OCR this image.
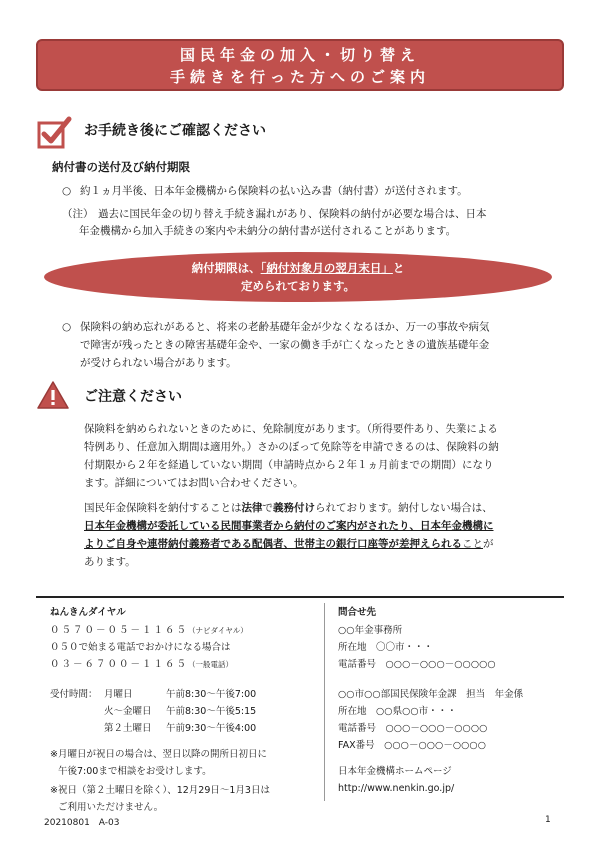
国民年金の加入・切り替え
手続きを行った方へのご案内
お手続き後にご確認ください
納付書の送付及び納付期限
○ 約１ヵ月半後、日本年金機構から保険料の払い込み書（納付書）が送付されます。
（注） 過去に国民年金の切り替え手続き漏れがあり、保険料の納付が必要な場合は、日本
年金機構から加入手続きの案内や未納分の納付書が送付されることがあります。
納付期限は、「納付対象月の翌月末日」と
定められております。
○ 保険料の納め忘れがあると、将来の老齢基礎年金が少なくなるほか、万一の事故や病気
で障害が残ったときの障害基礎年金や、一家の働き手が亡くなったときの遺族基礎年金
が受けられない場合があります。
ご注意ください
保険料を納められないときのために、免除制度があります。（所得要件あり、失業による
特例あり、任意加入期間は適用外。）さかのぼって免除等を申請できるのは、保険料の納
付期限から２年を経過していない期間（申請時点から２年１ヵ月前までの期間）になり
ます。詳細についてはお問い合わせください。
国民年金保険料を納付することは法律で義務付けられております。納付しない場合は、
日本年金機構が委託している民間事業者から納付のご案内がされたり、日本年金機構に
よりご自身や連帯納付義務者である配偶者、世帯主の銀行口座等が差押えられることが
あります。
ねんきんダイヤル
０５７０－０５－１１６５（ナビダイヤル）
０５０で始まる電話でおかけになる場合は
０３－６７００－１１６５（一般電話）
受付時間： 月曜日	午前8:30～午後7:00
火～金曜日	午前8:30～午後5:15
第２土曜日	午前9:30～午後4:00
※月曜日が祝日の場合は、翌日以降の開所日初日に
午後7:00まで相談をお受けします。
※祝日（第２土曜日を除く）、12月29日～1月3日は
ご利用いただけません。
問合せ先
○○年金事務所
所在地　〇〇市・・・
電話番号　○○○－○○○－○○○○○
○○市○○部国民保険年金課　担当　年金係
所在地　○○県○○市・・・
電話番号　○○○－○○○－○○○○
FAX番号　○○○－○○○－○○○○
日本年金機構ホームページ
http://www.nenkin.go.jp/
20210801　A-03	1
